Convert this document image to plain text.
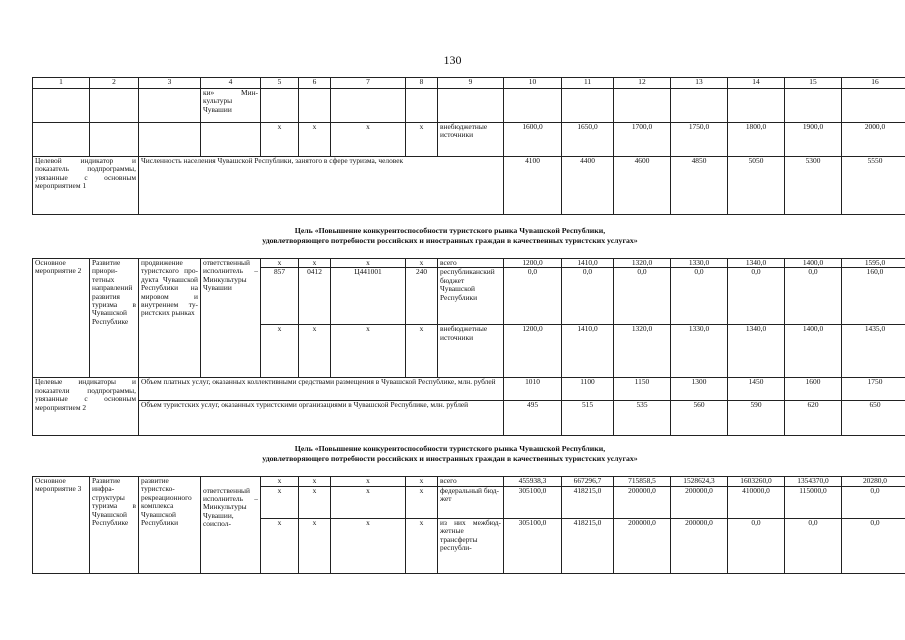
130
1	2	3	4	5	6	7	8	9	10	11	12	13	14	15	16
			ки» Минкультуры Чувашии												
				x	x	x	x	внебюджетные источники	1600,0	1650,0	1700,0	1750,0	1800,0	1900,0	2000,0
Целевой индикатор и показатель подпрограммы, увязанные с основным мероприятием 1		Численность населения Чувашской Республики, занятого в сфере туризма, человек							4100	4400	4600	4850	5050	5300	5550
Цель «Повышение конкурентоспособности туристского рынка Чувашской Республики,
удовлетворяющего потребности российских и иностранных граждан в качественных туристских услугах»
Основное мероприятие 2	Развитие приоритетных направлений развития туризма в Чувашской Республике	продвижение туристского продукта Чувашской Республики на мировом и внутреннем туристских рынках	ответственный исполнитель – Минкультуры Чувашии	x	x	x	x	всего	1200,0	1410,0	1320,0	1330,0	1340,0	1400,0	1595,0
				857	0412	Ц441001	240	республиканский бюджет Чувашской Республики	0,0	0,0	0,0	0,0	0,0	0,0	160,0
				x	x	x	x	внебюджетные источники	1200,0	1410,0	1320,0	1330,0	1340,0	1400,0	1435,0
Целевые индикаторы и показатели подпрограммы, увязанные с основным мероприятием 2		Объем платных услуг, оказанных коллективными средствами размещения в Чувашской Республике, млн. рублей							1010	1100	1150	1300	1450	1600	1750
		Объем туристских услуг, оказанных туристскими организациями в Чувашской Республике, млн. рублей							495	515	535	560	590	620	650
Цель «Повышение конкурентоспособности туристского рынка Чувашской Республики,
удовлетворяющего потребности российских и иностранных граждан в качественных туристских услугах»
Основное мероприятие 3	Развитие инфраструктуры туризма в Чувашской Республике	развитие туристско-рекреационного комплекса Чувашской Республики		x	x	x	x	всего	455938,3	667296,7	715858,5	1528624,3	1603260,0	1354370,0	20280,0
			ответственный исполнитель – Минкультуры Чувашии, соиспол-	x	x	x	x	федеральный бюджет	305100,0	418215,0	200000,0	200000,0	410000,0	115000,0	0,0
				x	x	x	x	из них межбюджетные трансферты республи-	305100,0	418215,0	200000,0	200000,0	0,0	0,0	0,0
